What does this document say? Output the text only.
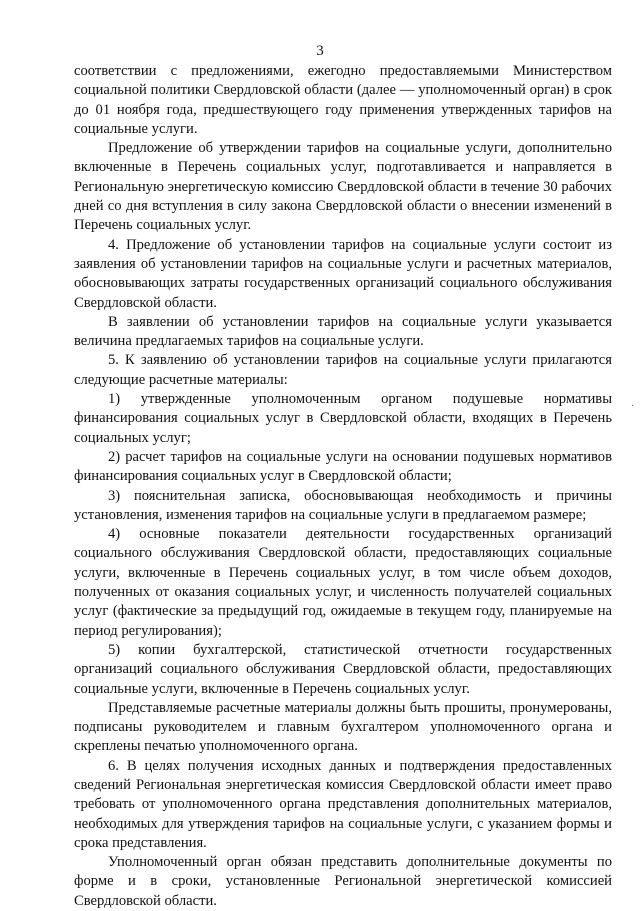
3

соответствии с предложениями, ежегодно предоставляемыми Министерством социальной политики Свердловской области (далее — уполномоченный орган) в срок до 01 ноября года, предшествующего году применения утвержденных тарифов на социальные услуги.

Предложение об утверждении тарифов на социальные услуги, дополнительно включенные в Перечень социальных услуг, подготавливается и направляется в Региональную энергетическую комиссию Свердловской области в течение 30 рабочих дней со дня вступления в силу закона Свердловской области о внесении изменений в Перечень социальных услуг.

4. Предложение об установлении тарифов на социальные услуги состоит из заявления об установлении тарифов на социальные услуги и расчетных материалов, обосновывающих затраты государственных организаций социального обслуживания Свердловской области.

В заявлении об установлении тарифов на социальные услуги указывается величина предлагаемых тарифов на социальные услуги.

5. К заявлению об установлении тарифов на социальные услуги прилагаются следующие расчетные материалы:

1) утвержденные уполномоченным органом подушевые нормативы финансирования социальных услуг в Свердловской области, входящих в Перечень социальных услуг;

2) расчет тарифов на социальные услуги на основании подушевых нормативов финансирования социальных услуг в Свердловской области;

3) пояснительная записка, обосновывающая необходимость и причины установления, изменения тарифов на социальные услуги в предлагаемом размере;

4) основные показатели деятельности государственных организаций социального обслуживания Свердловской области, предоставляющих социальные услуги, включенные в Перечень социальных услуг, в том числе объем доходов, полученных от оказания социальных услуг, и численность получателей социальных услуг (фактические за предыдущий год, ожидаемые в текущем году, планируемые на период регулирования);

5) копии бухгалтерской, статистической отчетности государственных организаций социального обслуживания Свердловской области, предоставляющих социальные услуги, включенные в Перечень социальных услуг.

Представляемые расчетные материалы должны быть прошиты, пронумерованы, подписаны руководителем и главным бухгалтером уполномоченного органа и скреплены печатью уполномоченного органа.

6. В целях получения исходных данных и подтверждения предоставленных сведений Региональная энергетическая комиссия Свердловской области имеет право требовать от уполномоченного органа представления дополнительных материалов, необходимых для утверждения тарифов на социальные услуги, с указанием формы и срока представления.

Уполномоченный орган обязан представить дополнительные документы по форме и в сроки, установленные Региональной энергетической комиссией Свердловской области.

·
